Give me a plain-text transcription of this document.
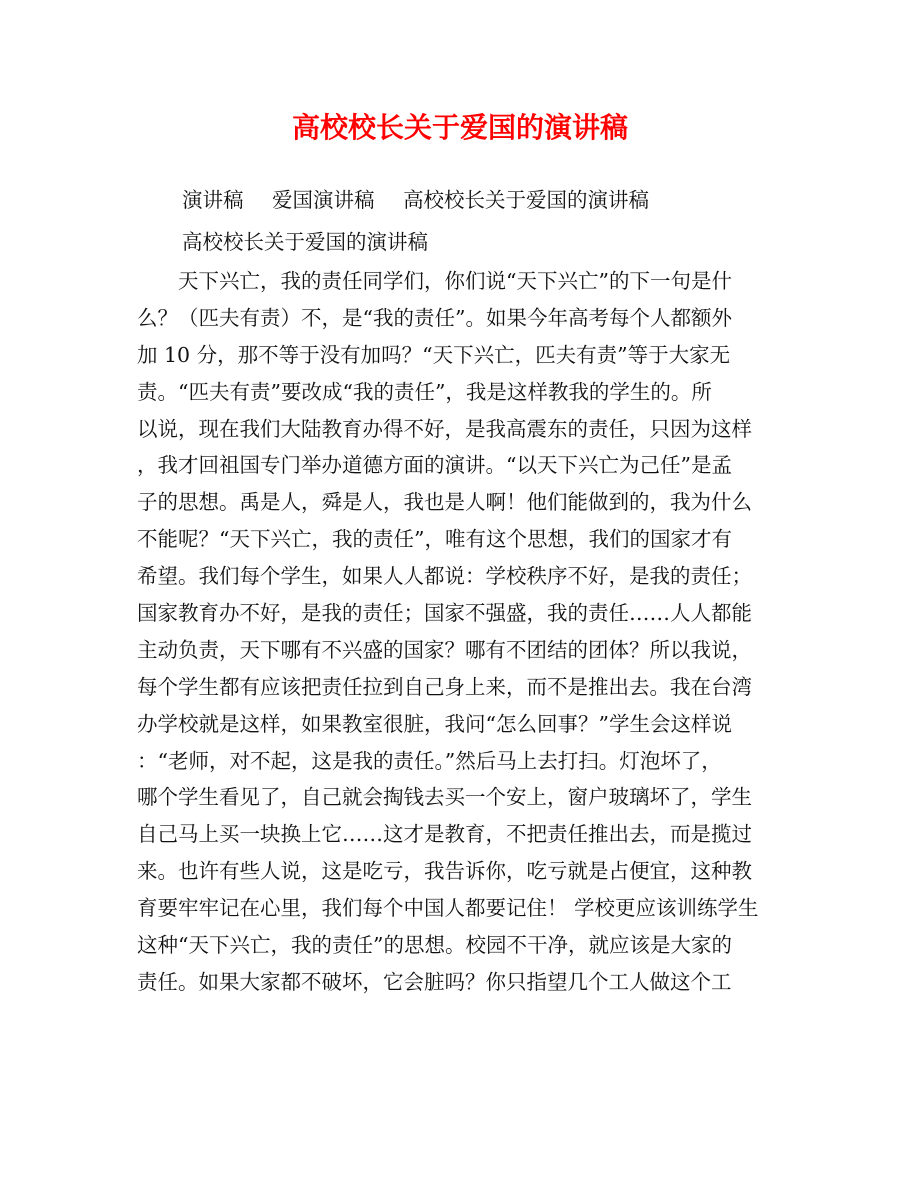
高校校长关于爱国的演讲稿
演讲稿 爱国演讲稿 高校校长关于爱国的演讲稿
高校校长关于爱国的演讲稿
　　天下兴亡，我的责任同学们，你们说“天下兴亡”的下一句是什
么？（匹夫有责）不，是“我的责任”。如果今年高考每个人都额外
加 10 分，那不等于没有加吗？“天下兴亡，匹夫有责”等于大家无
责。“匹夫有责”要改成“我的责任”，我是这样教我的学生的。所
以说，现在我们大陆教育办得不好，是我高震东的责任，只因为这样
，我才回祖国专门举办道德方面的演讲。“以天下兴亡为己任”是孟
子的思想。禹是人，舜是人，我也是人啊！他们能做到的，我为什么
不能呢？“天下兴亡，我的责任”，唯有这个思想，我们的国家才有
希望。我们每个学生，如果人人都说：学校秩序不好，是我的责任；
国家教育办不好，是我的责任；国家不强盛，我的责任……人人都能
主动负责，天下哪有不兴盛的国家？哪有不团结的团体？所以我说，
每个学生都有应该把责任拉到自己身上来，而不是推出去。我在台湾
办学校就是这样，如果教室很脏，我问“怎么回事？”学生会这样说
：“老师，对不起，这是我的责任。”然后马上去打扫。灯泡坏了，
哪个学生看见了，自己就会掏钱去买一个安上，窗户玻璃坏了，学生
自己马上买一块换上它……这才是教育，不把责任推出去，而是揽过
来。也许有些人说，这是吃亏，我告诉你，吃亏就是占便宜，这种教
育要牢牢记在心里，我们每个中国人都要记住！ 学校更应该训练学生
这种“天下兴亡，我的责任”的思想。校园不干净，就应该是大家的
责任。如果大家都不破坏，它会脏吗？你只指望几个工人做这个工
